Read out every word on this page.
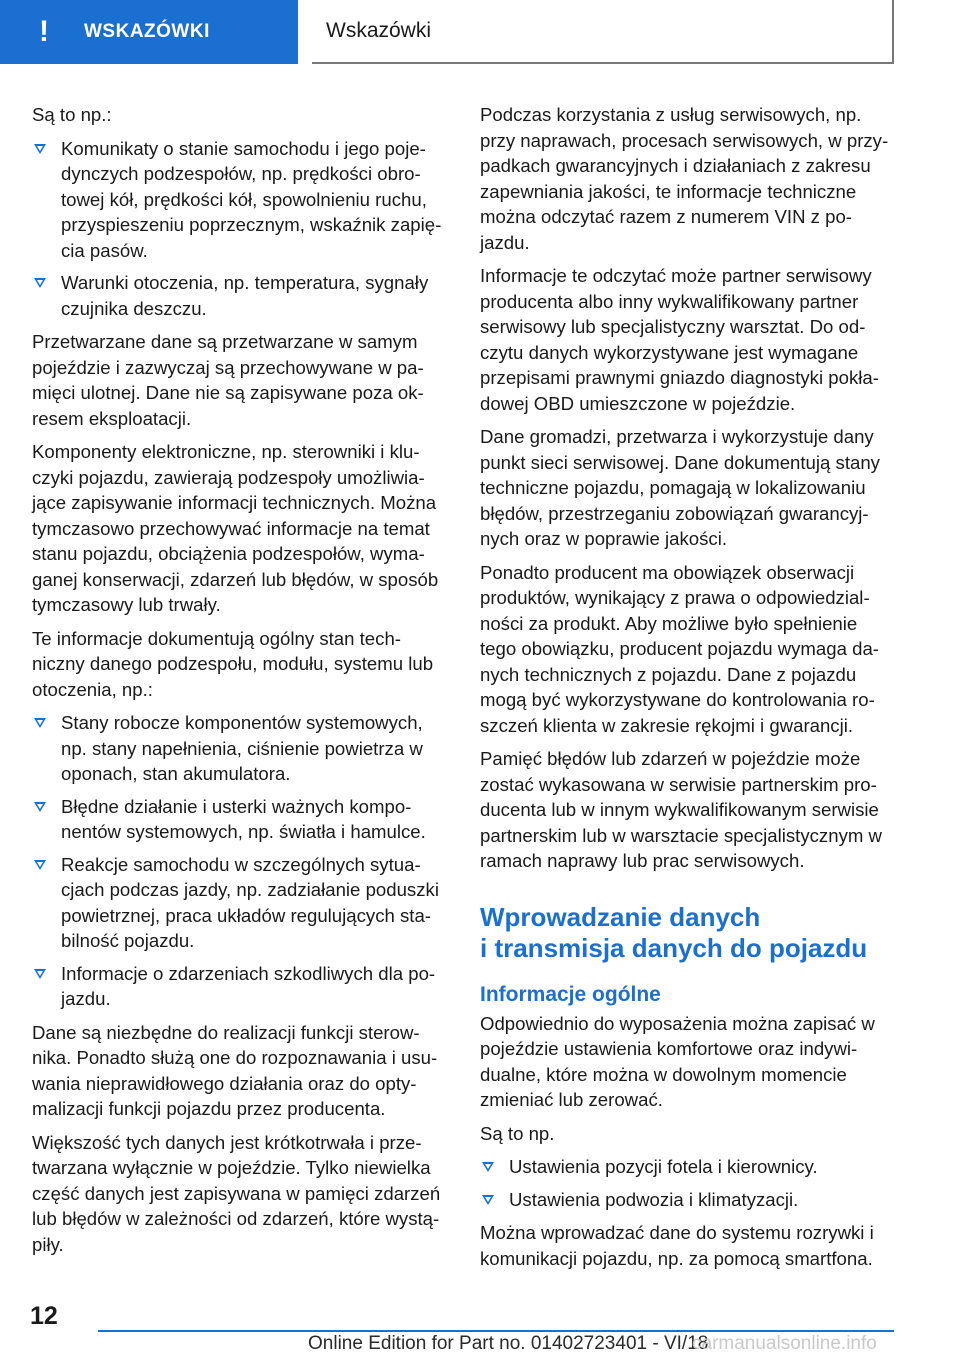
!	WSKAZÓWKI	Wskazówki

Są to np.:

Komunikaty o stanie samochodu i jego poje-dynczych podzespołów, np. prędkości obro-towej kół, prędkości kół, spowolnieniu ruchu, przyspieszeniu poprzecznym, wskaźnik zapię-cia pasów.
Warunki otoczenia, np. temperatura, sygnały czujnika deszczu.

Przetwarzane dane są przetwarzane w samym pojeździe i zazwyczaj są przechowywane w pa-mięci ulotnej. Dane nie są zapisywane poza ok-resem eksploatacji.

Komponenty elektroniczne, np. sterowniki i klu-czyki pojazdu, zawierają podzespoły umożliwia-jące zapisywanie informacji technicznych. Można tymczasowo przechowywać informacje na temat stanu pojazdu, obciążenia podzespołów, wyma-ganej konserwacji, zdarzeń lub błędów, w sposób tymczasowy lub trwały.

Te informacje dokumentują ogólny stan tech-niczny danego podzespołu, modułu, systemu lub otoczenia, np.:

Stany robocze komponentów systemowych, np. stany napełnienia, ciśnienie powietrza w oponach, stan akumulatora.
Błędne działanie i usterki ważnych kompo-nentów systemowych, np. światła i hamulce.
Reakcje samochodu w szczególnych sytua-cjach podczas jazdy, np. zadziałanie poduszki powietrznej, praca układów regulujących sta-bilność pojazdu.
Informacje o zdarzeniach szkodliwych dla po-jazdu.

Dane są niezbędne do realizacji funkcji sterow-nika. Ponadto służą one do rozpoznawania i usu-wania nieprawidłowego działania oraz do opty-malizacji funkcji pojazdu przez producenta.

Większość tych danych jest krótkotrwała i prze-twarzana wyłącznie w pojeździe. Tylko niewielka część danych jest zapisywana w pamięci zdarzeń lub błędów w zależności od zdarzeń, które wystą-piły.

Podczas korzystania z usług serwisowych, np. przy naprawach, procesach serwisowych, w przy-padkach gwarancyjnych i działaniach z zakresu zapewniania jakości, te informacje techniczne można odczytać razem z numerem VIN z po-jazdu.

Informacje te odczytać może partner serwisowy producenta albo inny wykwalifikowany partner serwisowy lub specjalistyczny warsztat. Do od-czytu danych wykorzystywane jest wymagane przepisami prawnymi gniazdo diagnostyki pokła-dowej OBD umieszczone w pojeździe.

Dane gromadzi, przetwarza i wykorzystuje dany punkt sieci serwisowej. Dane dokumentują stany techniczne pojazdu, pomagają w lokalizowaniu błędów, przestrzeganiu zobowiązań gwarancyj-nych oraz w poprawie jakości.

Ponadto producent ma obowiązek obserwacji produktów, wynikający z prawa o odpowiedzial-ności za produkt. Aby możliwe było spełnienie tego obowiązku, producent pojazdu wymaga da-nych technicznych z pojazdu. Dane z pojazdu mogą być wykorzystywane do kontrolowania ro-szczeń klienta w zakresie rękojmi i gwarancji.

Pamięć błędów lub zdarzeń w pojeździe może zostać wykasowana w serwisie partnerskim pro-ducenta lub w innym wykwalifikowanym serwisie partnerskim lub w warsztacie specjalistycznym w ramach naprawy lub prac serwisowych.

Wprowadzanie danych
i transmisja danych do pojazdu
Informacje ogólne

Odpowiednio do wyposażenia można zapisać w pojeździe ustawienia komfortowe oraz indywi-dualne, które można w dowolnym momencie zmieniać lub zerować.

Są to np.

Ustawienia pozycji fotela i kierownicy.
Ustawienia podwozia i klimatyzacji.

Można wprowadzać dane do systemu rozrywki i komunikacji pojazdu, np. za pomocą smartfona.

12
Online Edition for Part no. 01402723401 - VI/18
carmanualsonline.info
